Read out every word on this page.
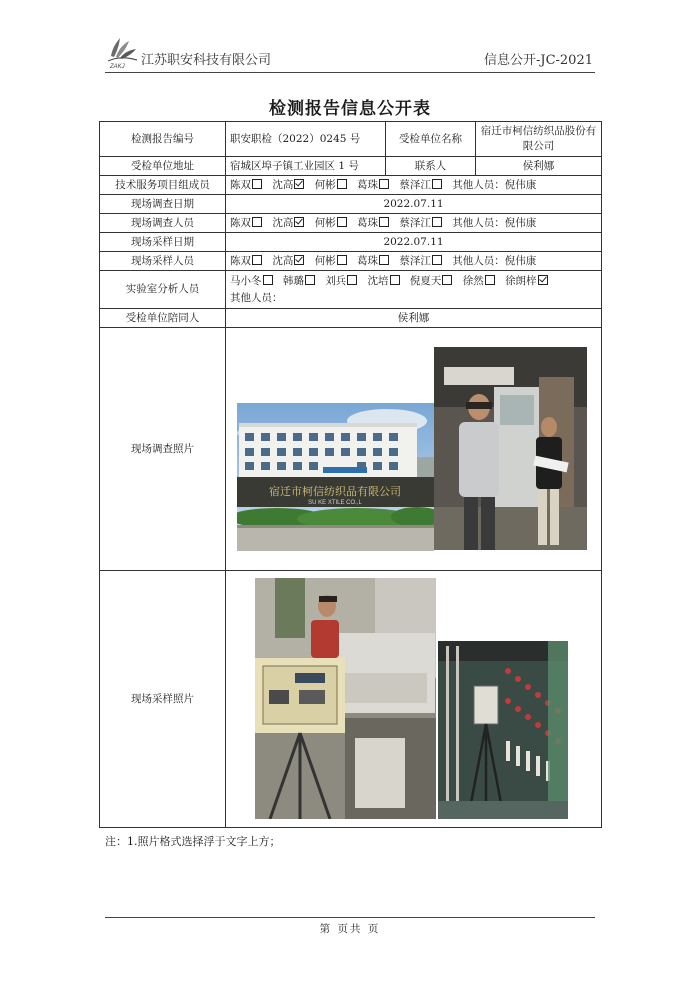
ZAKJ 江苏职安科技有限公司	信息公开-JC-2021
检测报告信息公开表
检测报告编号	职安职检（2022）0245 号	受检单位名称	宿迁市柯信纺织品股份有限公司
受检单位地址	宿城区埠子镇工业园区 1 号	联系人	侯利娜
技术服务项目组成员	陈双 沈高 何彬 葛珠 蔡泽江 其他人员：倪伟康		
现场调查日期	2022.07.11		
现场调查人员	陈双 沈高 何彬 葛珠 蔡泽江 其他人员：倪伟康		
现场采样日期	2022.07.11		
现场采样人员	陈双 沈高 何彬 葛珠 蔡泽江 其他人员：倪伟康		
实验室分析人员	马小冬 韩璐 刘兵 沈培 倪夏天 徐然 徐朗梓
其他人员：		
受检单位陪同人	侯利娜		
现场调查照片			
现场采样照片			
宿迁市柯信纺织品有限公司
SU KE XTILE CO.,L
注：1.照片格式选择浮于文字上方；
第 页共 页
